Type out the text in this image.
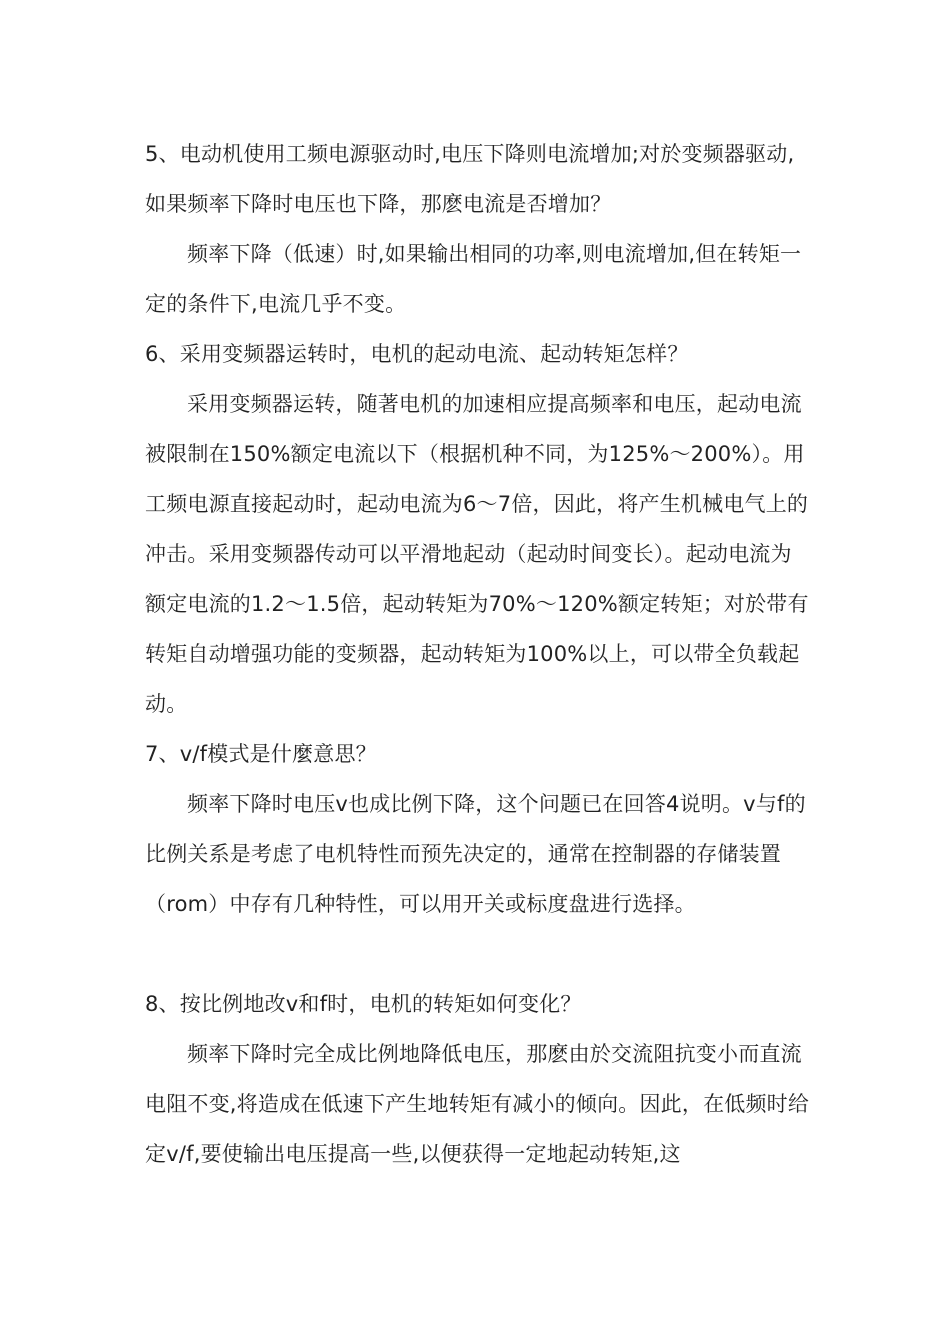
5、电动机使用工频电源驱动时,电压下降则电流增加;对於变频器驱动,如果频率下降时电压也下降，那麽电流是否增加？

频率下降（低速）时,如果输出相同的功率,则电流增加,但在转矩一定的条件下,电流几乎不变。

6、采用变频器运转时，电机的起动电流、起动转矩怎样？

采用变频器运转，随著电机的加速相应提高频率和电压，起动电流被限制在150%额定电流以下（根据机种不同，为125%～200%）。用工频电源直接起动时，起动电流为6～7倍，因此，将产生机械电气上的冲击。采用变频器传动可以平滑地起动（起动时间变长）。起动电流为额定电流的1.2～1.5倍，起动转矩为70%～120%额定转矩；对於带有转矩自动增强功能的变频器，起动转矩为100%以上，可以带全负载起动。

7、v/f模式是什麼意思？

频率下降时电压v也成比例下降，这个问题已在回答4说明。v与f的比例关系是考虑了电机特性而预先决定的，通常在控制器的存储装置（rom）中存有几种特性，可以用开关或标度盘进行选择。

8、按比例地改v和f时，电机的转矩如何变化？

频率下降时完全成比例地降低电压，那麽由於交流阻抗变小而直流电阻不变,将造成在低速下产生地转矩有减小的倾向。因此，在低频时给定v/f,要使输出电压提高一些,以便获得一定地起动转矩,这
